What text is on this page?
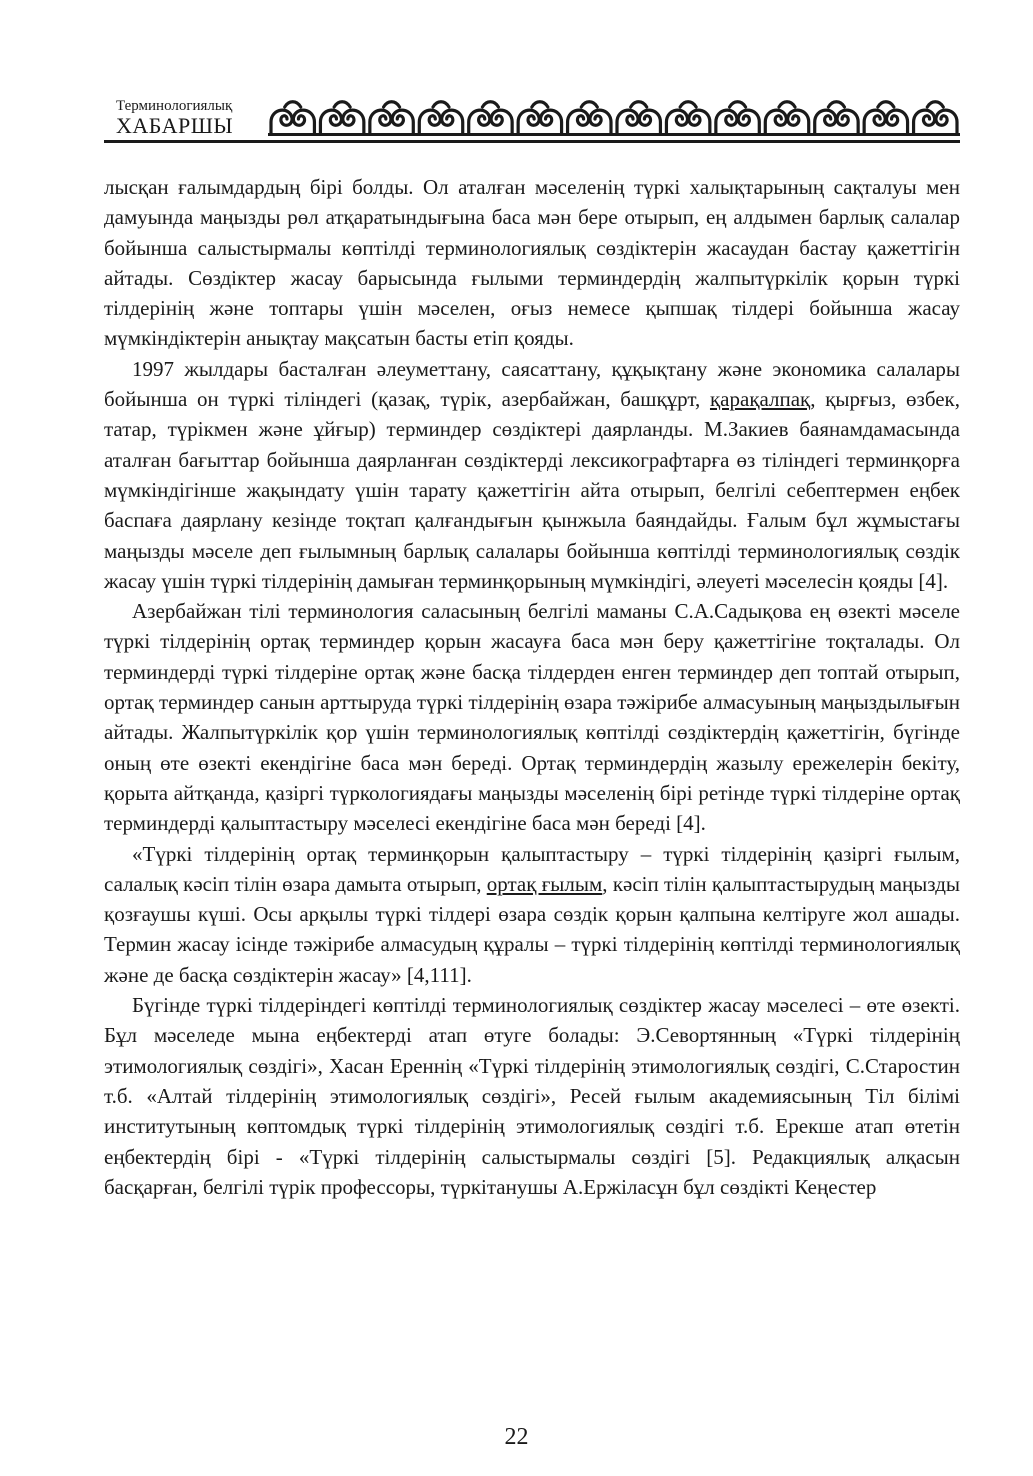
Терминологиялық
ХАБАРШЫ

лысқан ғалымдардың бірі болды. Ол аталған мәселенің түркі халықтарының сақталуы мен дамуында маңызды рөл атқаратындығына баса мән бере отырып, ең алдымен барлық салалар бойынша салыстырмалы көптілді терминологиялық сөздіктерін жасаудан бастау қажеттігін айтады. Сөздіктер жасау барысында ғылыми терминдердің жалпытүркілік қорын түркі тілдерінің және топтары үшін мәселен, оғыз немесе қыпшақ тілдері бойынша жасау мүмкіндіктерін анықтау мақсатын басты етіп қояды.

1997 жылдары басталған әлеуметтану, саясаттану, құқықтану және экономика салалары бойынша он түркі тіліндегі (қазақ, түрік, азербайжан, башқұрт, қарақалпақ, қырғыз, өзбек, татар, түрікмен және ұйғыр) терминдер сөздіктері даярланды. М.Закиев баянамдамасында аталған бағыттар бойынша даярланған сөздіктерді лексикографтарға өз тіліндегі терминқорға мүмкіндігінше жақындату үшін тарату қажеттігін айта отырып, белгілі себептермен еңбек баспаға даярлану кезінде тоқтап қалғандығын қынжыла баяндайды. Ғалым бұл жұмыстағы маңызды мәселе деп ғылымның барлық салалары бойынша көптілді терминологиялық сөздік жасау үшін түркі тілдерінің дамыған терминқорының мүмкіндігі, әлеуеті мәселесін қояды [4].

Азербайжан тілі терминология саласының белгілі маманы С.А.Садықова ең өзекті мәселе түркі тілдерінің ортақ терминдер қорын жасауға баса мән беру қажеттігіне тоқталады. Ол терминдерді түркі тілдеріне ортақ және басқа тілдерден енген терминдер деп топтай отырып, ортақ терминдер санын арттыруда түркі тілдерінің өзара тәжірибе алмасуының маңыздылығын айтады. Жалпытүркілік қор үшін терминологиялық көптілді сөздіктердің қажеттігін, бүгінде оның өте өзекті екендігіне баса мән береді. Ортақ терминдердің жазылу ережелерін бекіту, қорыта айтқанда, қазіргі түркологиядағы маңызды мәселенің бірі ретінде түркі тілдеріне ортақ терминдерді қалыптастыру мәселесі екендігіне баса мән береді [4].

«Түркі тілдерінің ортақ терминқорын қалыптастыру – түркі тілдерінің қазіргі ғылым, салалық кәсіп тілін өзара дамыта отырып, ортақ ғылым, кәсіп тілін қалыптастырудың маңызды қозғаушы күші. Осы арқылы түркі тілдері өзара сөздік қорын қалпына келтіруге жол ашады. Термин жасау ісінде тәжірибе алмасудың құралы – түркі тілдерінің көптілді терминологиялық және де басқа сөздіктерін жасау» [4,111].

Бүгінде түркі тілдеріндегі көптілді терминологиялық сөздіктер жасау мәселесі – өте өзекті. Бұл мәселеде мына еңбектерді атап өтуге болады: Э.Севортянның «Түркі тілдерінің этимологиялық сөздігі», Хасан Ереннің «Түркі тілдерінің этимологиялық сөздігі, С.Старостин т.б. «Алтай тілдерінің этимологиялық сөздігі», Ресей ғылым академиясының Тіл білімі институтының көптомдық түркі тілдерінің этимологиялық сөздігі т.б. Ерекше атап өтетін еңбектердің бірі - «Түркі тілдерінің салыстырмалы сөздігі [5]. Редакциялық алқасын басқарған, белгілі түрік профессоры, түркітанушы А.Ержіласұн бұл сөздікті Кеңестер

22
